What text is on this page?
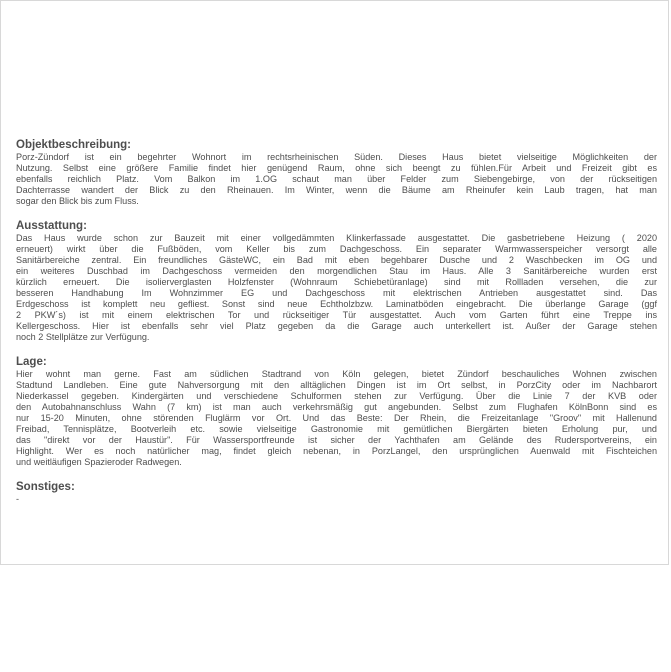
Objektbeschreibung:
Porz-Zündorf ist ein begehrter Wohnort im rechtsrheinischen Süden. Dieses Haus bietet vielseitige Möglichkeiten der
Nutzung. Selbst eine größere Familie findet hier genügend Raum, ohne sich beengt zu fühlen.Für Arbeit und Freizeit gibt es
ebenfalls reichlich Platz. Vom Balkon im 1.OG schaut man über Felder zum Siebengebirge, von der rückseitigen
Dachterrasse wandert der Blick zu den Rheinauen. Im Winter, wenn die Bäume am Rheinufer kein Laub tragen, hat man
sogar den Blick bis zum Fluss.
Ausstattung:
Das Haus wurde schon zur Bauzeit mit einer vollgedämmten Klinkerfassade ausgestattet. Die gasbetriebene Heizung ( 2020
erneuert) wirkt über die Fußböden, vom Keller bis zum Dachgeschoss. Ein separater Warmwasserspeicher versorgt alle
Sanitärbereiche zentral. Ein freundliches GästeWC, ein Bad mit eben begehbarer Dusche und 2 Waschbecken im OG und
ein weiteres Duschbad im Dachgeschoss vermeiden den morgendlichen Stau im Haus. Alle 3 Sanitärbereiche wurden erst
kürzlich erneuert. Die isolierverglasten Holzfenster (Wohnraum Schiebetüranlage) sind mit Rollladen versehen, die zur
besseren Handhabung Im Wohnzimmer EG und Dachgeschoss mit elektrischen Antrieben ausgestattet sind. Das
Erdgeschoss ist komplett neu gefliest. Sonst sind neue Echtholzbzw. Laminatböden eingebracht. Die überlange Garage (ggf
2 PKW´s) ist mit einem elektrischen Tor und rückseitiger Tür ausgestattet. Auch vom Garten führt eine Treppe ins
Kellergeschoss. Hier ist ebenfalls sehr viel Platz gegeben da die Garage auch unterkellert ist. Außer der Garage stehen
noch 2 Stellplätze zur Verfügung.
Lage:
Hier wohnt man gerne. Fast am südlichen Stadtrand von Köln gelegen, bietet Zündorf beschauliches Wohnen zwischen
Stadtund Landleben. Eine gute Nahversorgung mit den alltäglichen Dingen ist im Ort selbst, in PorzCity oder im Nachbarort
Niederkassel gegeben. Kindergärten und verschiedene Schulformen stehen zur Verfügung. Über die Linie 7 der KVB oder
den Autobahnanschluss Wahn (7 km) ist man auch verkehrsmäßig gut angebunden. Selbst zum Flughafen KölnBonn sind es
nur 15-20 Minuten, ohne störenden Fluglärm vor Ort. Und das Beste: Der Rhein, die Freizeitanlage "Groov" mit Hallenund
Freibad, Tennisplätze, Bootverleih etc. sowie vielseitige Gastronomie mit gemütlichen Biergärten bieten Erholung pur, und
das "direkt vor der Haustür". Für Wassersportfreunde ist sicher der Yachthafen am Gelände des Rudersportvereins, ein
Highlight. Wer es noch natürlicher mag, findet gleich nebenan, in PorzLangel, den ursprünglichen Auenwald mit Fischteichen
und weitläufigen Spazieroder Radwegen.
Sonstiges:
-
